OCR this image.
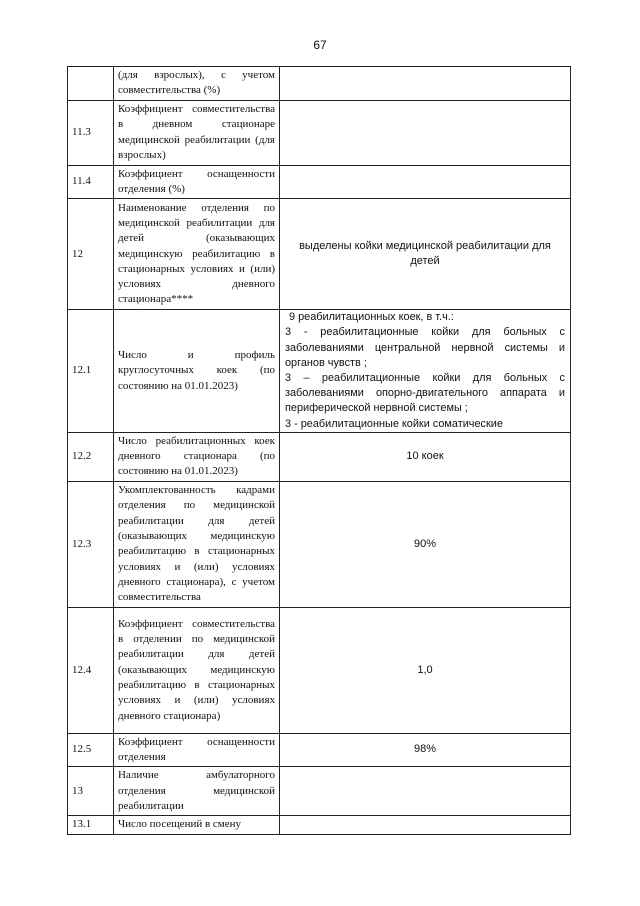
67
	(для взрослых), с учетом совместительства (%)	
11.3	Коэффициент совместительства в дневном стационаре медицинской реабилитации (для взрослых)	
11.4	Коэффициент оснащенности отделения (%)	
12	Наименование отделения по медицинской реабилитации для детей (оказывающих медицинскую реабилитацию в стационарных условиях и (или) условиях дневного стационара****	выделены койки медицинской реабилитации для детей
12.1	Число и профиль круглосуточных коек (по состоянию на 01.01.2023)	9 реабилитационных коек, в т.ч.:
3 - реабилитационные койки для больных с заболеваниями центральной нервной системы и органов чувств ;
3 – реабилитационные койки для больных с заболеваниями опорно-двигательного аппарата и периферической нервной системы ;
3 - реабилитационные койки соматические

12.2	Число реабилитационных коек дневного стационара (по состоянию на 01.01.2023)	10 коек
12.3	Укомплектованность кадрами отделения по медицинской реабилитации для детей (оказывающих медицинскую реабилитацию в стационарных условиях и (или) условиях дневного стационара), с учетом совместительства	90%
12.4	Коэффициент совместительства в отделении по медицинской реабилитации для детей (оказывающих медицинскую реабилитацию в стационарных условиях и (или) условиях дневного стационара)	1,0
12.5	Коэффициент оснащенности отделения	98%
13	Наличие амбулаторного отделения медицинской реабилитации	
13.1	Число посещений в смену	
